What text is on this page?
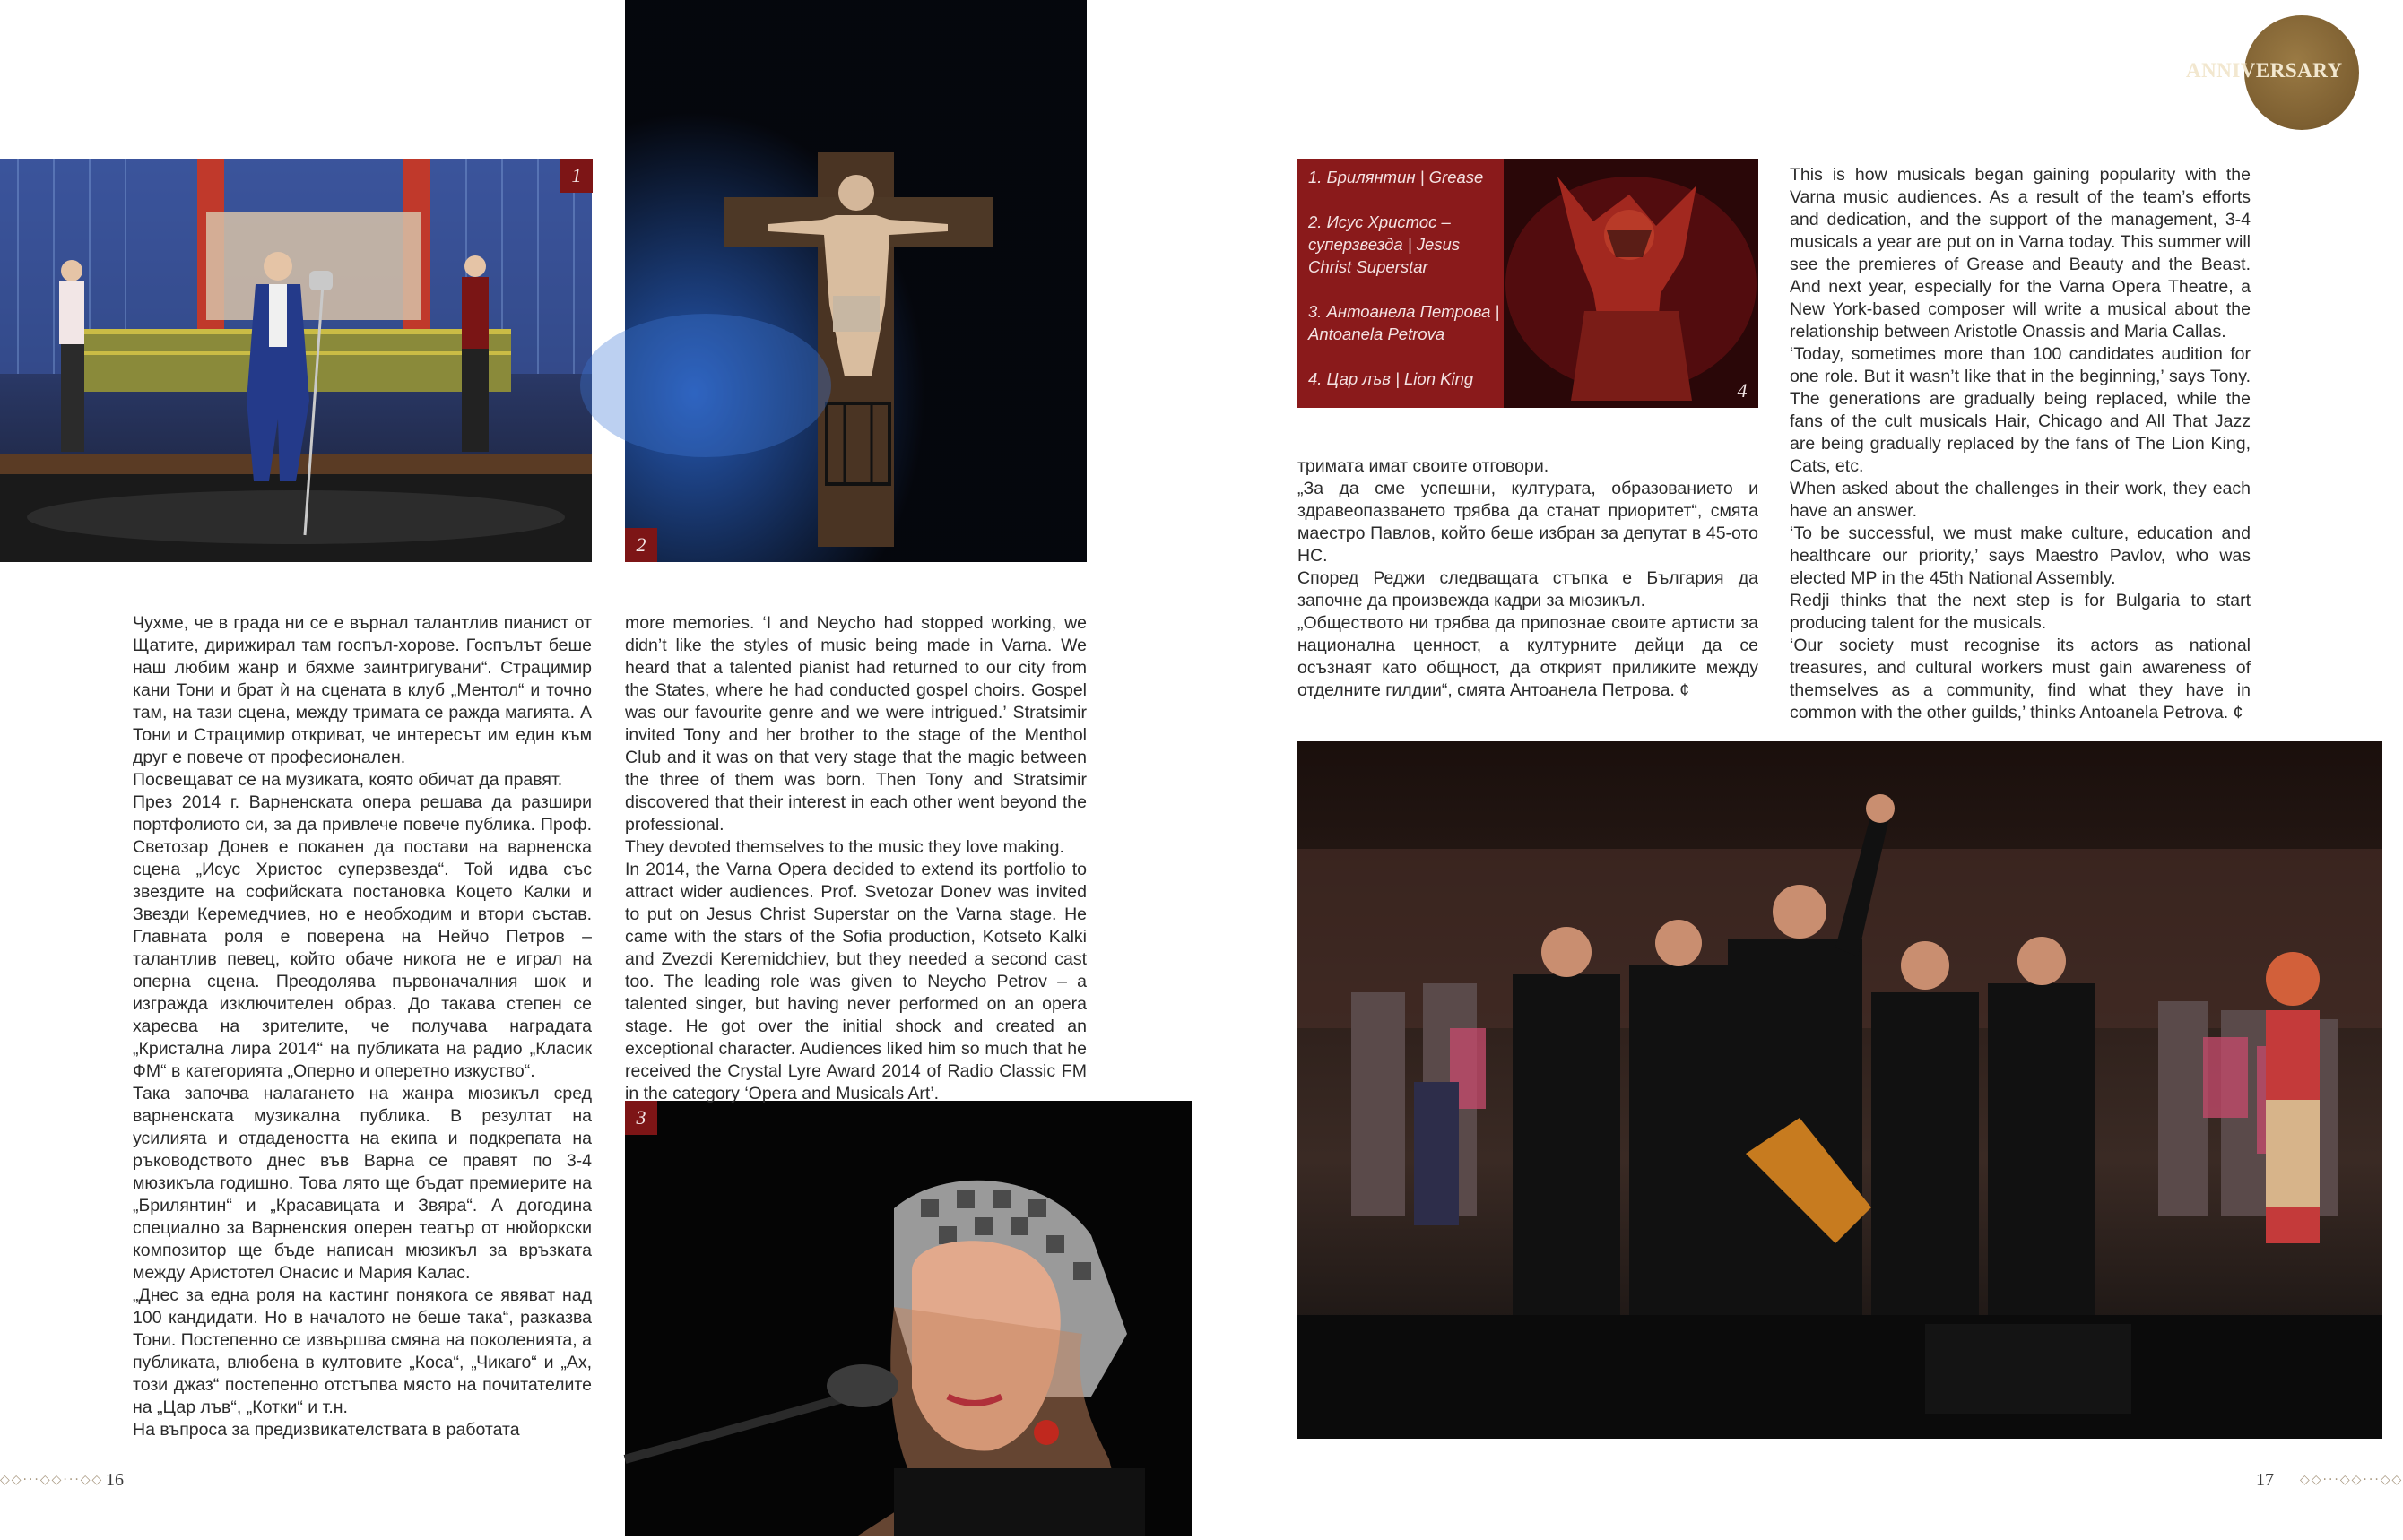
ANNIVERSARY
1
2
3

1. Брилянтин | Grease

2. Исус Христос – суперзвезда | Jesus Christ Superstar

3. Антоанела Петрова | Antoanela Petrova

4. Цар лъв | Lion King

4

Чухме, че в града ни се е върнал талантлив пианист от Щатите, дирижирал там госпъл-хорове. Госпълът беше наш любим жанр и бяхме заинтригувани“. Страцимир кани Тони и брат ѝ на сцената в клуб „Ментол“ и точно там, на тази сцена, между тримата се ражда магията. А Тони и Страцимир откриват, че интересът им един към друг е повече от професионален.

Посвещават се на музиката, която обичат да правят.

През 2014 г. Варненската опера решава да разшири портфолиото си, за да привлече повече публика. Проф. Светозар Донев е поканен да постави на варненска сцена „Исус Христос суперзвезда“. Той идва със звездите на софийската постановка Коцето Калки и Звезди Керемедчиев, но е необходим и втори състав. Главната роля е поверена на Нейчо Петров – талантлив певец, който обаче никога не е играл на оперна сцена. Преодолява първоначалния шок и изгражда изключителен образ. До такава степен се харесва на зрителите, че получава наградата „Кристална лира 2014“ на публиката на радио „Класик ФМ“ в категорията „Оперно и оперетно изкуство“.

Така започва налагането на жанра мюзикъл сред варненската музикална публика. В резултат на усилията и отдадеността на екипа и подкрепата на ръководството днес във Варна се правят по 3-4 мюзикъла годишно. Това лято ще бъдат премиерите на „Брилянтин“ и „Красавицата и Звяра“. А догодина специално за Варненския оперен театър от нюйоркски композитор ще бъде написан мюзикъл за връзката между Аристотел Онасис и Мария Калас.

„Днес за една роля на кастинг понякога се явяват над 100 кандидати. Но в началото не беше така“, разказва Тони. Постепенно се извършва смяна на поколенията, а публиката, влюбена в култовите „Коса“, „Чикаго“ и „Ах, този джаз“ постепенно отстъпва място на почитателите на „Цар лъв“, „Котки“ и т.н.

На въпроса за предизвикателствата в работата

more memories. ‘I and Neycho had stopped working, we didn’t like the styles of music being made in Varna. We heard that a talented pianist had returned to our city from the States, where he had conducted gospel choirs. Gospel was our favourite genre and we were intrigued.’ Stratsimir invited Tony and her brother to the stage of the Menthol Club and it was on that very stage that the magic between the three of them was born. Then Tony and Stratsimir discovered that their interest in each other went beyond the professional.

They devoted themselves to the music they love making.

In 2014, the Varna Opera decided to extend its portfolio to attract wider audiences. Prof. Svetozar Donev was invited to put on Jesus Christ Superstar on the Varna stage. He came with the stars of the Sofia production, Kotseto Kalki and Zvezdi Keremidchiev, but they needed a second cast too. The leading role was given to Neycho Petrov – a talented singer, but having never performed on an opera stage. He got over the initial shock and created an exceptional character. Audiences liked him so much that he received the Crystal Lyre Award 2014 of Radio Classic FM in the category ‘Opera and Musicals Art’.

тримата имат своите отговори.

„За да сме успешни, културата, образованието и здравеопазването трябва да станат приоритет“, смята маестро Павлов, който беше избран за депутат в 45-ото НС.

Според Реджи следващата стъпка е България да започне да произвежда кадри за мюзикъл.

„Обществото ни трябва да припознае своите артисти за национална ценност, а културните дейци да се осъзнаят като общност, да открият приликите между отделните гилдии“, смята Антоанела Петрова. ¢

This is how musicals began gaining popularity with the Varna music audiences. As a result of the team’s efforts and dedication, and the support of the management, 3-4 musicals a year are put on in Varna today. This summer will see the premieres of Grease and Beauty and the Beast. And next year, especially for the Varna Opera Theatre, a New York-based composer will write a musical about the relationship between Aristotle Onassis and Maria Callas.

‘Today, sometimes more than 100 candidates audition for one role. But it wasn’t like that in the beginning,’ says Tony. The generations are gradually being replaced, while the fans of the cult musicals Hair, Chicago and All That Jazz are being gradually replaced by the fans of The Lion King, Cats, etc.

When asked about the challenges in their work, they each have an answer.

‘To be successful, we must make culture, education and healthcare our priority,’ says Maestro Pavlov, who was elected MP in the 45th National Assembly.

Redji thinks that the next step is for Bulgaria to start producing talent for the musicals.

‘Our society must recognise its actors as national treasures, and cultural workers must gain awareness of themselves as a community, find what they have in common with the other guilds,’ thinks Antoanela Petrova. ¢

◇◇···◇◇···◇◇ 16	17 ◇◇···◇◇···◇◇
